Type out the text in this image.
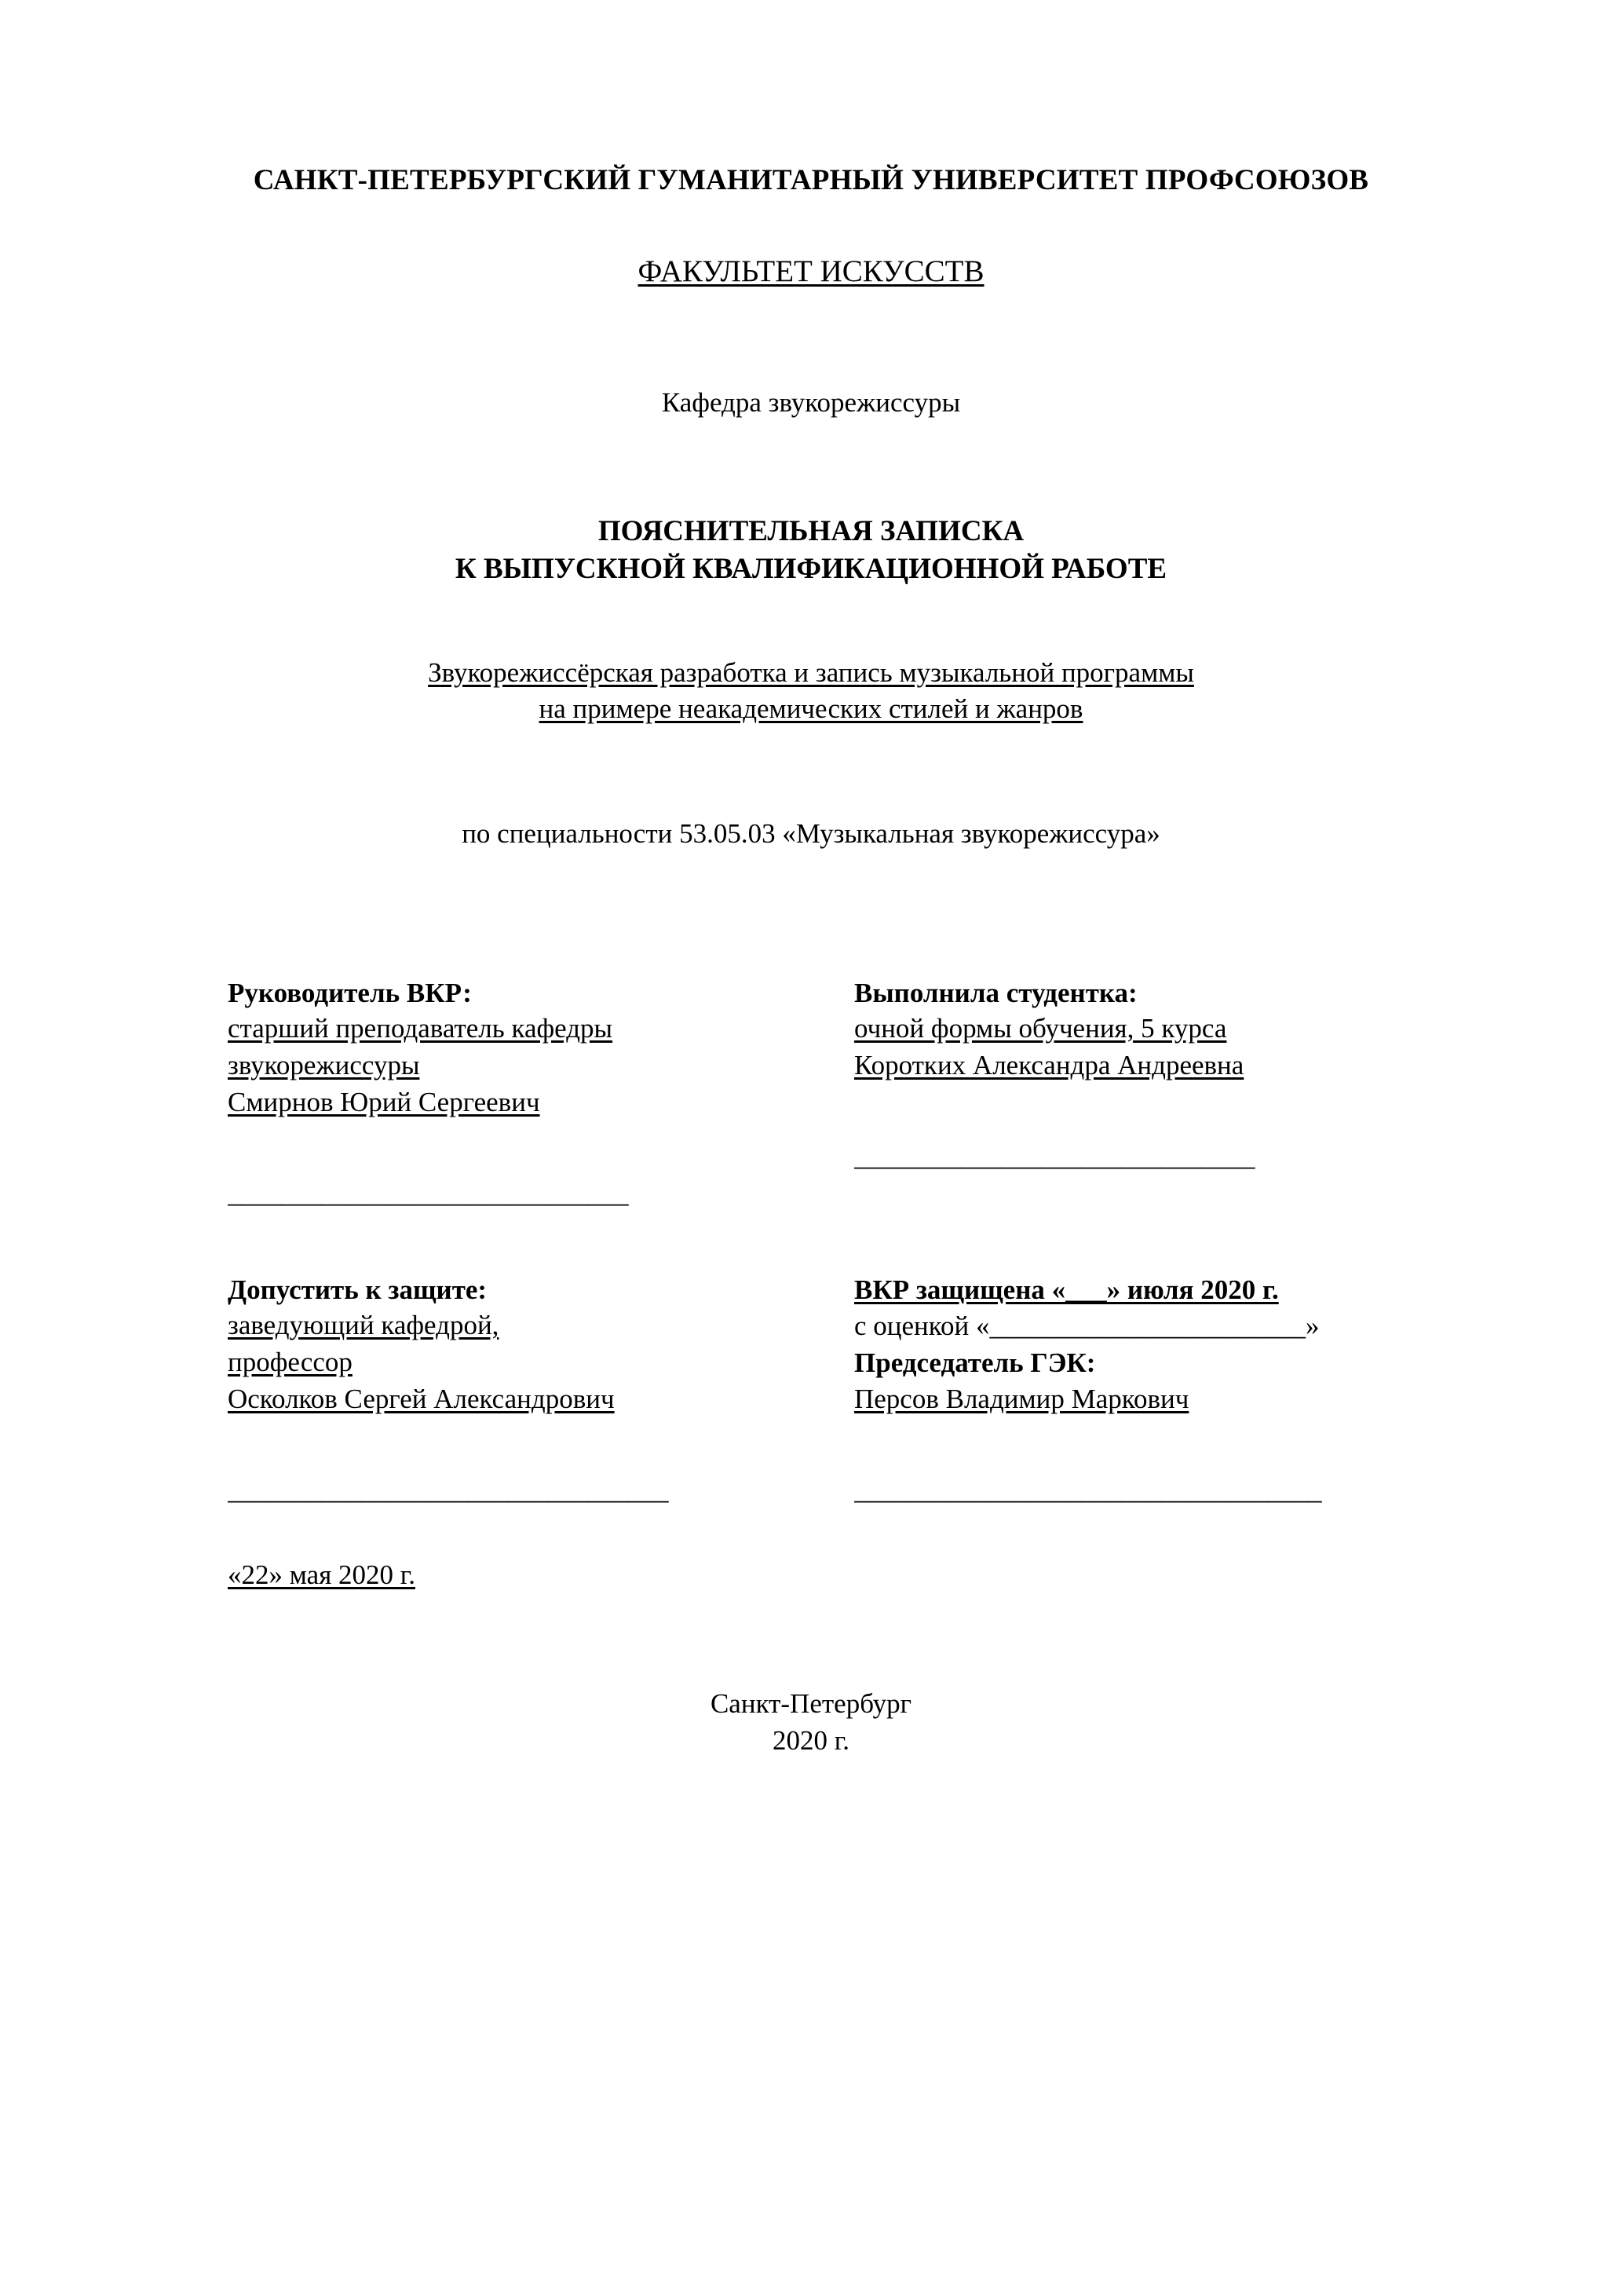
САНКТ-ПЕТЕРБУРГСКИЙ ГУМАНИТАРНЫЙ УНИВЕРСИТЕТ ПРОФСОЮЗОВ
ФАКУЛЬТЕТ ИСКУССТВ
Кафедра звукорежиссуры
ПОЯСНИТЕЛЬНАЯ ЗАПИСКА
К ВЫПУСКНОЙ КВАЛИФИКАЦИОННОЙ РАБОТЕ
Звукорежиссёрская разработка и запись музыкальной программы
на примере неакадемических стилей и жанров
по специальности 53.05.03 «Музыкальная звукорежиссура»
Руководитель ВКР:
старший преподаватель кафедры
звукорежиссуры
Смирнов Юрий Сергеевич
______________________________
Выполнила студентка:
очной формы обучения, 5 курса
Коротких Александра Андреевна
______________________________
Допустить к защите:
заведующий кафедрой,
профессор
Осколков Сергей Александрович
_________________________________
«22» мая 2020 г.
ВКР защищена «___» июля 2020 г.
с оценкой «_______________________»
Председатель ГЭК:
Персов Владимир Маркович
___________________________________
Санкт-Петербург
2020 г.
